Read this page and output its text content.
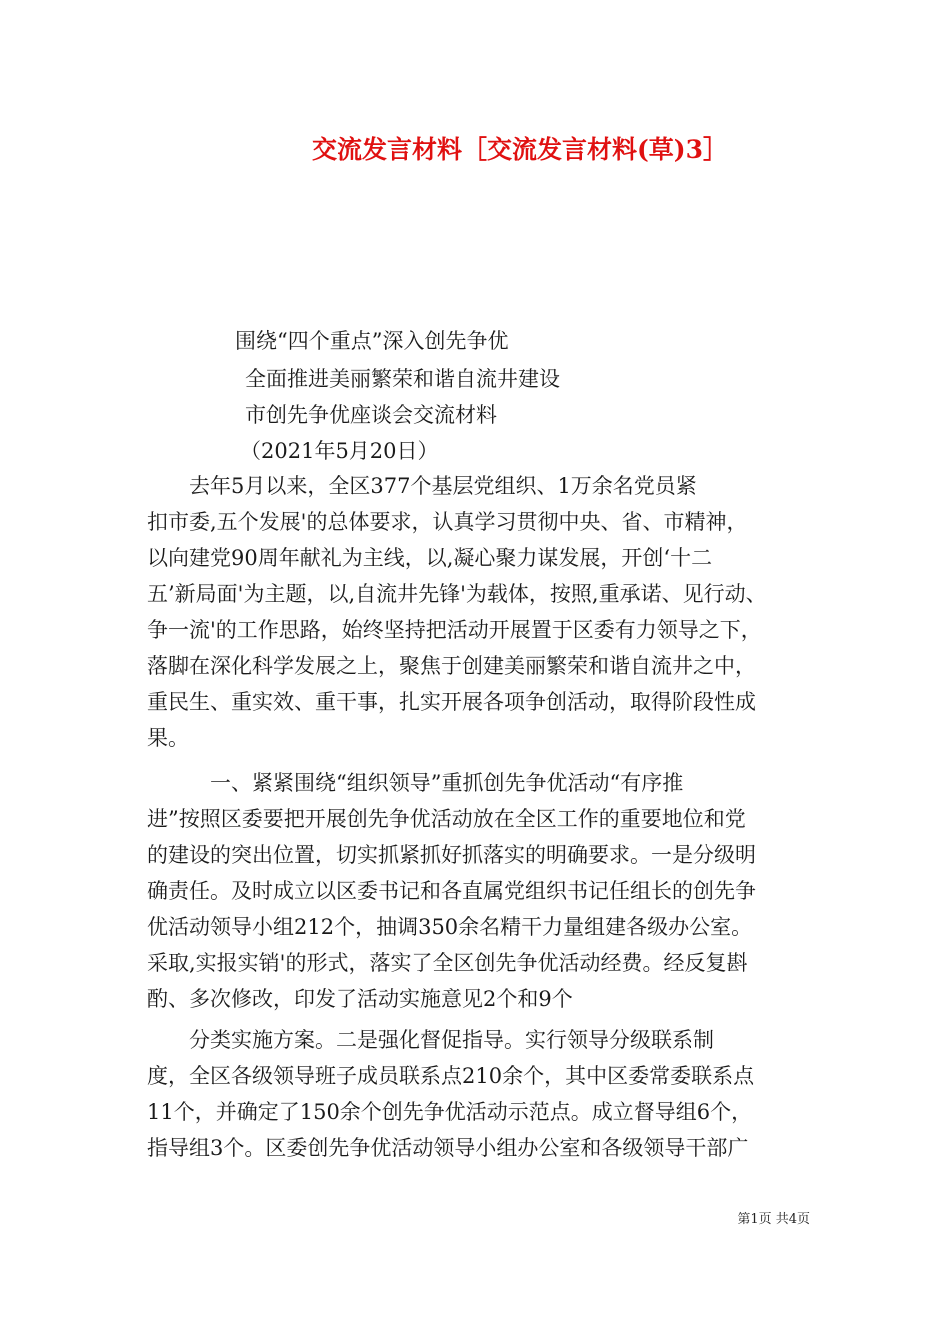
交流发言材料［交流发言材料(草)3］
围绕“四个重点”深入创先争优
全面推进美丽繁荣和谐自流井建设
市创先争优座谈会交流材料
（2021年5月20日）
　　去年5月以来，全区377个基层党组织、1万余名党员紧
扣市委,五个发展'的总体要求，认真学习贯彻中央、省、市精神，
以向建党90周年献礼为主线，以,凝心聚力谋发展，开创‘十二
五’新局面'为主题，以,自流井先锋'为载体，按照,重承诺、见行动、
争一流'的工作思路，始终坚持把活动开展置于区委有力领导之下，
落脚在深化科学发展之上，聚焦于创建美丽繁荣和谐自流井之中，
重民生、重实效、重干事，扎实开展各项争创活动，取得阶段性成
果。
　　　一、紧紧围绕“组织领导”重抓创先争优活动“有序推
进”按照区委要把开展创先争优活动放在全区工作的重要地位和党
的建设的突出位置，切实抓紧抓好抓落实的明确要求。一是分级明
确责任。及时成立以区委书记和各直属党组织书记任组长的创先争
优活动领导小组212个，抽调350余名精干力量组建各级办公室。
采取,实报实销'的形式，落实了全区创先争优活动经费。经反复斟
酌、多次修改，印发了活动实施意见2个和9个
　　分类实施方案。二是强化督促指导。实行领导分级联系制
度，全区各级领导班子成员联系点210余个，其中区委常委联系点
11个，并确定了150余个创先争优活动示范点。成立督导组6个，
指导组3个。区委创先争优活动领导小组办公室和各级领导干部广
第1页 共4页
